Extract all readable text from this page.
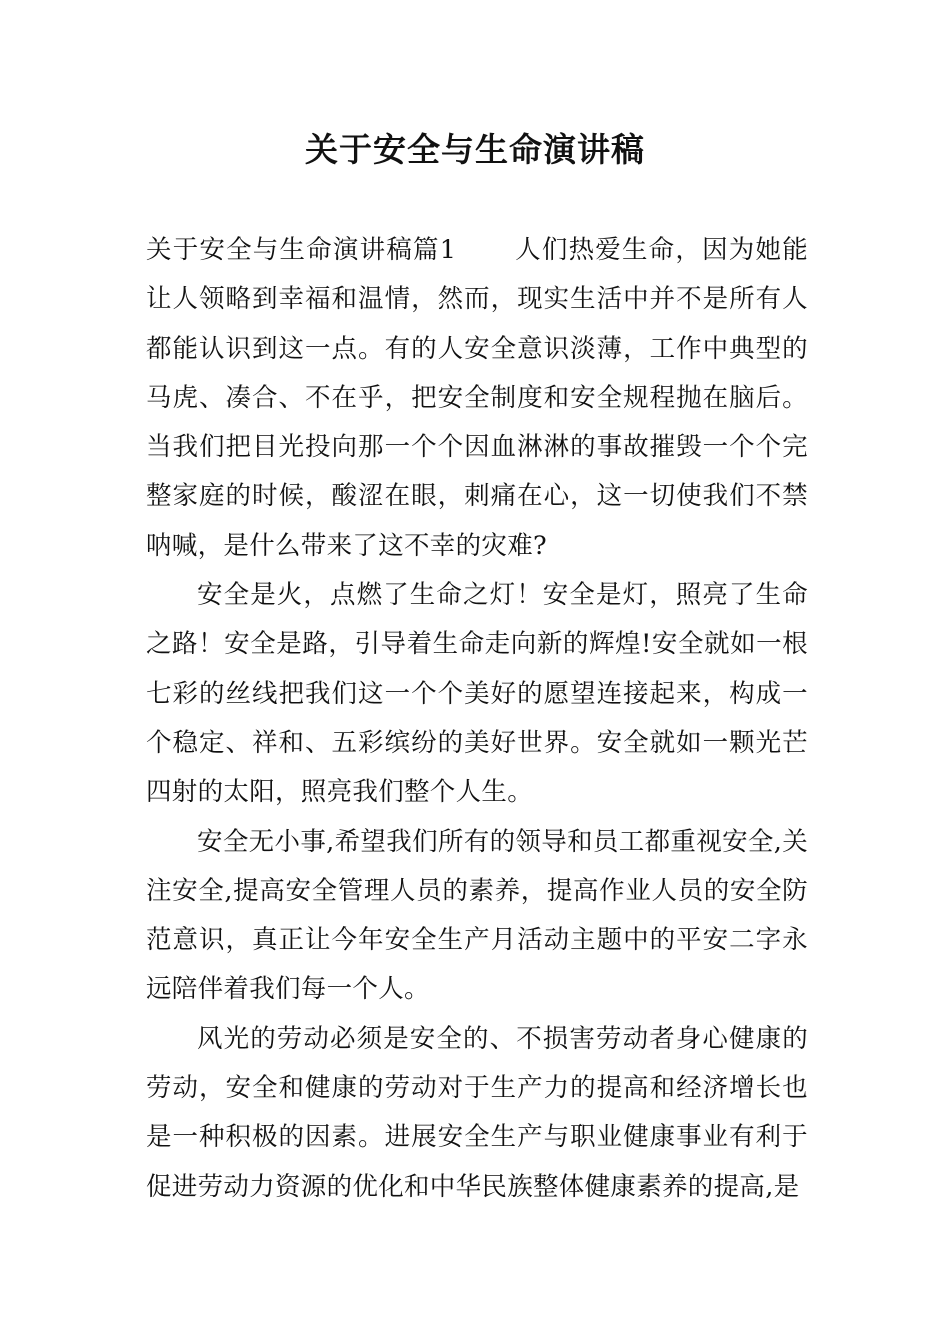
关于安全与生命演讲稿

关于安全与生命演讲稿篇1 人们热爱生命，因为她能让人领略到幸福和温情，然而，现实生活中并不是所有人都能认识到这一点。有的人安全意识淡薄，工作中典型的马虎、凑合、不在乎，把安全制度和安全规程抛在脑后。当我们把目光投向那一个个因血淋淋的事故摧毁一个个完整家庭的时候，酸涩在眼，刺痛在心，这一切使我们不禁呐喊，是什么带来了这不幸的灾难?

安全是火，点燃了生命之灯！安全是灯，照亮了生命之路！安全是路，引导着生命走向新的辉煌!安全就如一根七彩的丝线把我们这一个个美好的愿望连接起来，构成一个稳定、祥和、五彩缤纷的美好世界。安全就如一颗光芒四射的太阳，照亮我们整个人生。

安全无小事,希望我们所有的领导和员工都重视安全,关注安全,提高安全管理人员的素养，提高作业人员的安全防范意识，真正让今年安全生产月活动主题中的平安二字永远陪伴着我们每一个人。

风光的劳动必须是安全的、不损害劳动者身心健康的劳动，安全和健康的劳动对于生产力的提高和经济增长也是一种积极的因素。进展安全生产与职业健康事业有利于促进劳动力资源的优化和中华民族整体健康素养的提高,是
